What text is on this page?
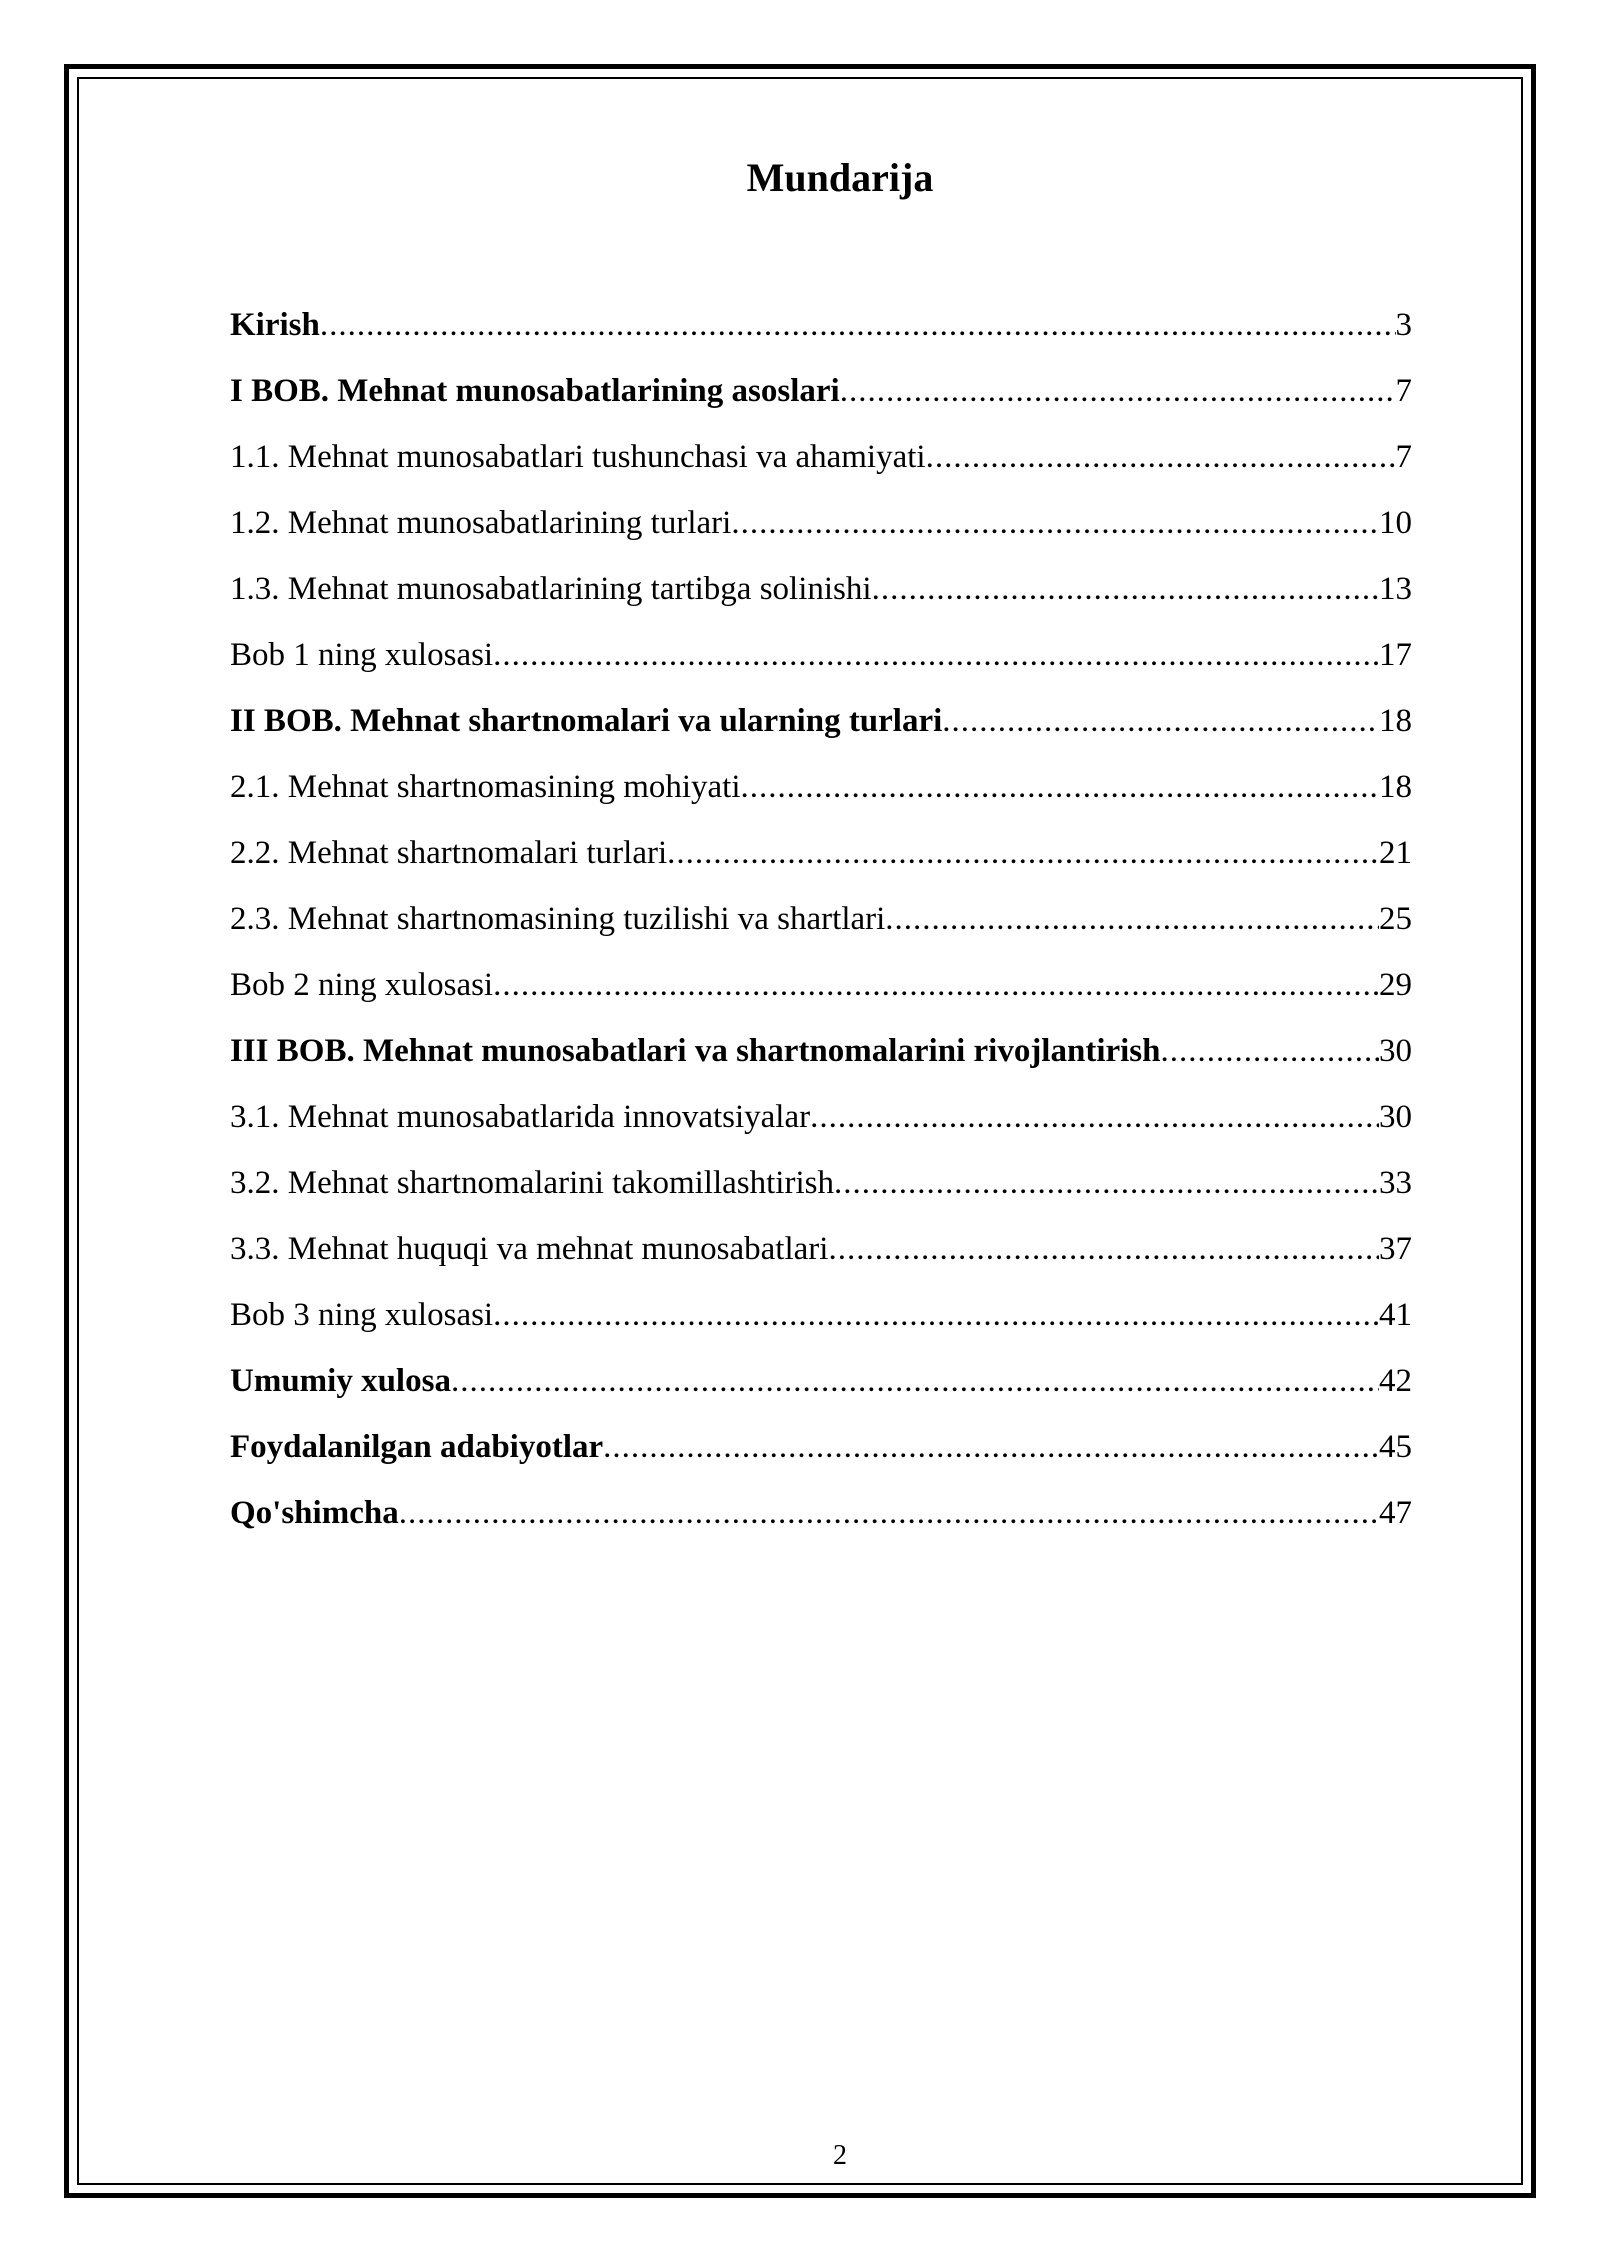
Mundarija
Kirish .....	3
I BOB. Mehnat munosabatlarining asoslari .....	7
1.1. Mehnat munosabatlari tushunchasi va ahamiyati .....	7
1.2. Mehnat munosabatlarining turlari .....	10
1.3. Mehnat munosabatlarining tartibga solinishi .....	13
Bob 1 ning xulosasi .....	17
II BOB. Mehnat shartnomalari va ularning turlari .....	18
2.1. Mehnat shartnomasining mohiyati .....	18
2.2. Mehnat shartnomalari turlari .....	21
2.3. Mehnat shartnomasining tuzilishi va shartlari .....	25
Bob 2 ning xulosasi .....	29
III BOB. Mehnat munosabatlari va shartnomalarini rivojlantirish .....	30
3.1. Mehnat munosabatlarida innovatsiyalar .....	30
3.2. Mehnat shartnomalarini takomillashtirish .....	33
3.3. Mehnat huquqi va mehnat munosabatlari .....	37
Bob 3 ning xulosasi .....	41
Umumiy xulosa .....	42
Foydalanilgan adabiyotlar .....	45
Qo'shimcha .....	47
2
